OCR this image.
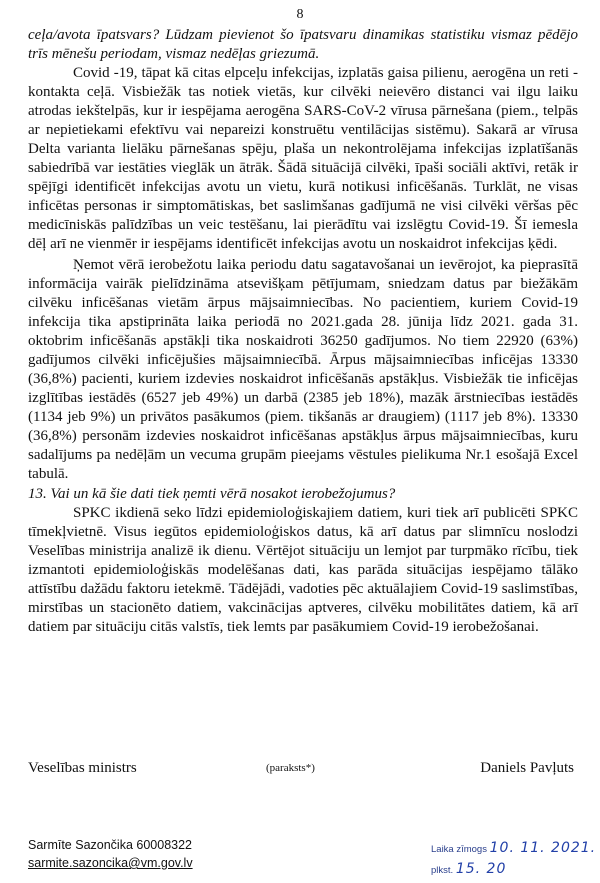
8

ceļa/avota īpatsvars? Lūdzam pievienot šo īpatsvaru dinamikas statistiku vismaz pēdējo trīs mēnešu periodam, vismaz nedēļas griezumā.

Covid -19, tāpat kā citas elpceļu infekcijas, izplatās gaisa pilienu, aerogēna un reti - kontakta ceļā. Visbiežāk tas notiek vietās, kur cilvēki neievēro distanci vai ilgu laiku atrodas iekštelpās, kur ir iespējama aerogēna SARS-CoV-2 vīrusa pārnešana (piem., telpās ar nepietiekami efektīvu vai nepareizi konstruētu ventilācijas sistēmu). Sakarā ar vīrusa Delta varianta lielāku pārnešanas spēju, plaša un nekontrolējama infekcijas izplatīšanās sabiedrībā var iestāties vieglāk un ātrāk. Šādā situācijā cilvēki, īpaši sociāli aktīvi, retāk ir spējīgi identificēt infekcijas avotu un vietu, kurā notikusi inficēšanās. Turklāt, ne visas inficētas personas ir simptomātiskas, bet saslimšanas gadījumā ne visi cilvēki vēršas pēc medicīniskās palīdzības un veic testēšanu, lai pierādītu vai izslēgtu Covid-19. Šī iemesla dēļ arī ne vienmēr ir iespējams identificēt infekcijas avotu un noskaidrot infekcijas ķēdi.

Ņemot vērā ierobežotu laika periodu datu sagatavošanai un ievērojot, ka pieprasītā informācija vairāk pielīdzināma atsevišķam pētījumam, sniedzam datus par biežākām cilvēku inficēšanas vietām ārpus mājsaimniecības. No pacientiem, kuriem Covid-19 infekcija tika apstiprināta laika periodā no 2021.gada 28. jūnija līdz 2021. gada 31. oktobrim inficēšanās apstākļi tika noskaidroti 36250 gadījumos. No tiem 22920 (63%) gadījumos cilvēki inficējušies mājsaimniecībā. Ārpus mājsaimniecības inficējas 13330 (36,8%) pacienti, kuriem izdevies noskaidrot inficēšanās apstākļus. Visbiežāk tie inficējas izglītības iestādēs (6527 jeb 49%) un darbā (2385 jeb 18%), mazāk ārstniecības iestādēs (1134 jeb 9%) un privātos pasākumos (piem. tikšanās ar draugiem) (1117 jeb 8%). 13330 (36,8%) personām izdevies noskaidrot inficēšanas apstākļus ārpus mājsaimniecības, kuru sadalījums pa nedēļām un vecuma grupām pieejams vēstules pielikuma Nr.1 esošajā Excel tabulā.

13. Vai un kā šie dati tiek ņemti vērā nosakot ierobežojumus?

SPKC ikdienā seko līdzi epidemioloģiskajiem datiem, kuri tiek arī publicēti SPKC tīmekļvietnē. Visus iegūtos epidemioloģiskos datus, kā arī datus par slimnīcu noslodzi Veselības ministrija analizē ik dienu. Vērtējot situāciju un lemjot par turpmāko rīcību, tiek izmantoti epidemioloģiskās modelēšanas dati, kas parāda situācijas iespējamo tālāko attīstību dažādu faktoru ietekmē. Tādējādi, vadoties pēc aktuālajiem Covid-19 saslimstības, mirstības un stacionēto datiem, vakcinācijas aptveres, cilvēku mobilitātes datiem, kā arī datiem par situāciju citās valstīs, tiek lemts par pasākumiem Covid-19 ierobežošanai.

Veselības ministrs	(paraksts*)	Daniels Pavļuts
Sarmīte Sazončika 60008322
sarmite.sazoncika@vm.gov.lv
Laika zīmogs 10. 11. 2021.
plkst. 15. 20
